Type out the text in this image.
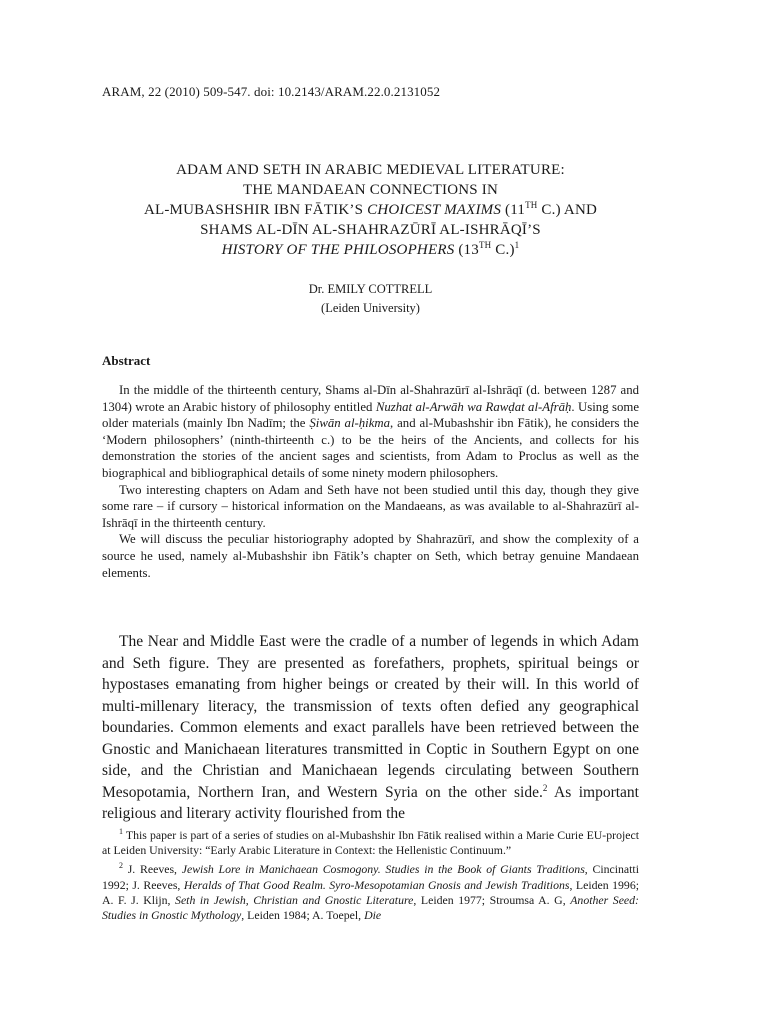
ARAM, 22 (2010) 509-547. doi: 10.2143/ARAM.22.0.2131052
ADAM AND SETH IN ARABIC MEDIEVAL LITERATURE:
THE MANDAEAN CONNECTIONS IN
AL-MUBASHSHIR IBN FĀTIK’S CHOICEST MAXIMS (11TH C.) AND
SHAMS AL-DĪN AL-SHAHRAZŪRĪ AL-ISHRĀQĪ’S
HISTORY OF THE PHILOSOPHERS (13TH C.)$^1$
Dr. EMILY COTTRELL
(Leiden University)
Abstract

In the middle of the thirteenth century, Shams al-Dīn al-Shahrazūrī al-Ishrāqī (d. between 1287 and 1304) wrote an Arabic history of philosophy entitled Nuzhat al-Arwāh wa Rawḍat al-Afrāḥ. Using some older materials (mainly Ibn Nadīm; the Ṣiwān al-ḥikma, and al-Mubashshir ibn Fātik), he considers the ‘Modern philosophers’ (ninth-thirteenth c.) to be the heirs of the Ancients, and collects for his demonstration the stories of the ancient sages and scientists, from Adam to Proclus as well as the biographical and bibliographical details of some ninety modern philosophers.

Two interesting chapters on Adam and Seth have not been studied until this day, though they give some rare – if cursory – historical information on the Mandaeans, as was available to al-Shahrazūrī al-Ishrāqī in the thirteenth century.

We will discuss the peculiar historiography adopted by Shahrazūrī, and show the complexity of a source he used, namely al-Mubashshir ibn Fātik’s chapter on Seth, which betray genuine Mandaean elements.

The Near and Middle East were the cradle of a number of legends in which Adam and Seth figure. They are presented as forefathers, prophets, spiritual beings or hypostases emanating from higher beings or created by their will. In this world of multi-millenary literacy, the transmission of texts often defied any geographical boundaries. Common elements and exact parallels have been retrieved between the Gnostic and Manichaean literatures transmitted in Coptic in Southern Egypt on one side, and the Christian and Manichaean legends circulating between Southern Mesopotamia, Northern Iran, and Western Syria on the other side.$^2$ As important religious and literary activity flourished from the

$^1$ This paper is part of a series of studies on al-Mubashshir Ibn Fātik realised within a Marie Curie EU-project at Leiden University: “Early Arabic Literature in Context: the Hellenistic Continuum.”

$^2$ J. Reeves, Jewish Lore in Manichaean Cosmogony. Studies in the Book of Giants Traditions, Cincinatti 1992; J. Reeves, Heralds of That Good Realm. Syro-Mesopotamian Gnosis and Jewish Traditions, Leiden 1996; A. F. J. Klijn, Seth in Jewish, Christian and Gnostic Literature, Leiden 1977; Stroumsa A. G, Another Seed: Studies in Gnostic Mythology, Leiden 1984; A. Toepel, Die
